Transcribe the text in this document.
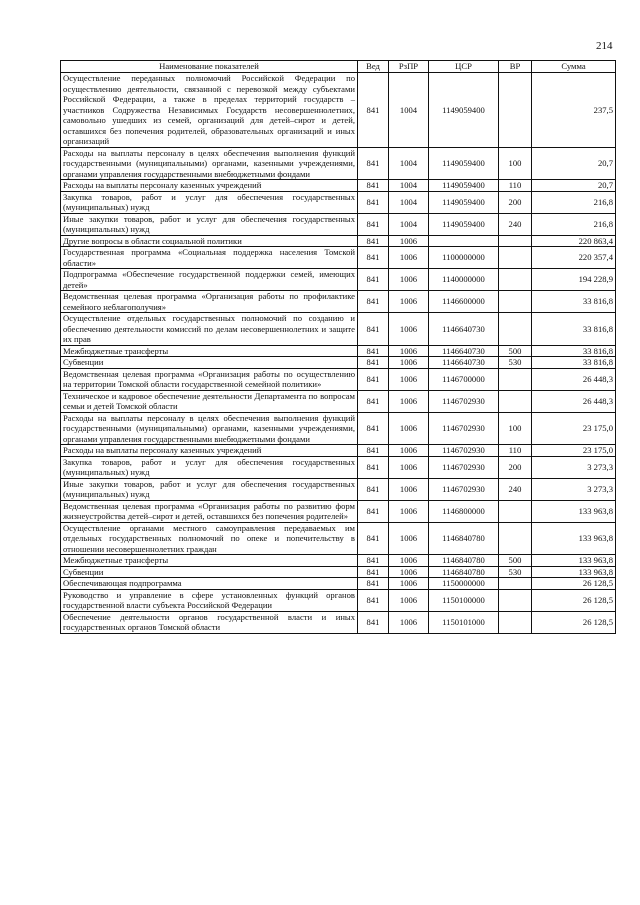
214
Наименование показателей	Вед	РзПР	ЦСР	ВР	Сумма
Осуществление переданных полномочий Российской Федерации по осуществлению деятельности, связанной с перевозкой между субъектами Российской Федерации, а также в пределах территорий государств – участников Содружества Независимых Государств несовершеннолетних, самовольно ушедших из семей, организаций для детей–сирот и детей, оставшихся без попечения родителей, образовательных организаций и иных организаций	841	1004	1149059400		237,5
Расходы на выплаты персоналу в целях обеспечения выполнения функций государственными (муниципальными) органами, казенными учреждениями, органами управления государственными внебюджетными фондами	841	1004	1149059400	100	20,7
Расходы на выплаты персоналу казенных учреждений	841	1004	1149059400	110	20,7
Закупка товаров, работ и услуг для обеспечения государственных (муниципальных) нужд	841	1004	1149059400	200	216,8
Иные закупки товаров, работ и услуг для обеспечения государственных (муниципальных) нужд	841	1004	1149059400	240	216,8
Другие вопросы в области социальной политики	841	1006			220 863,4
Государственная программа «Социальная поддержка населения Томской области»	841	1006	1100000000		220 357,4
Подпрограмма «Обеспечение государственной поддержки семей, имеющих детей»	841	1006	1140000000		194 228,9
Ведомственная целевая программа «Организация работы по профилактике семейного неблагополучия»	841	1006	1146600000		33 816,8
Осуществление отдельных государственных полномочий по созданию и обеспечению деятельности комиссий по делам несовершеннолетних и защите их прав	841	1006	1146640730		33 816,8
Межбюджетные трансферты	841	1006	1146640730	500	33 816,8
Субвенции	841	1006	1146640730	530	33 816,8
Ведомственная целевая программа «Организация работы по осуществлению на территории Томской области государственной семейной политики»	841	1006	1146700000		26 448,3
Техническое и кадровое обеспечение деятельности Департамента по вопросам семьи и детей Томской области	841	1006	1146702930		26 448,3
Расходы на выплаты персоналу в целях обеспечения выполнения функций государственными (муниципальными) органами, казенными учреждениями, органами управления государственными внебюджетными фондами	841	1006	1146702930	100	23 175,0
Расходы на выплаты персоналу казенных учреждений	841	1006	1146702930	110	23 175,0
Закупка товаров, работ и услуг для обеспечения государственных (муниципальных) нужд	841	1006	1146702930	200	3 273,3
Иные закупки товаров, работ и услуг для обеспечения государственных (муниципальных) нужд	841	1006	1146702930	240	3 273,3
Ведомственная целевая программа «Организация работы по развитию форм жизнеустройства детей–сирот и детей, оставшихся без попечения родителей»	841	1006	1146800000		133 963,8
Осуществление органами местного самоуправления передаваемых им отдельных государственных полномочий по опеке и попечительству в отношении несовершеннолетних граждан	841	1006	1146840780		133 963,8
Межбюджетные трансферты	841	1006	1146840780	500	133 963,8
Субвенции	841	1006	1146840780	530	133 963,8
Обеспечивающая подпрограмма	841	1006	1150000000		26 128,5
Руководство и управление в сфере установленных функций органов государственной власти субъекта Российской Федерации	841	1006	1150100000		26 128,5
Обеспечение деятельности органов государственной власти и иных государственных органов Томской области	841	1006	1150101000		26 128,5
